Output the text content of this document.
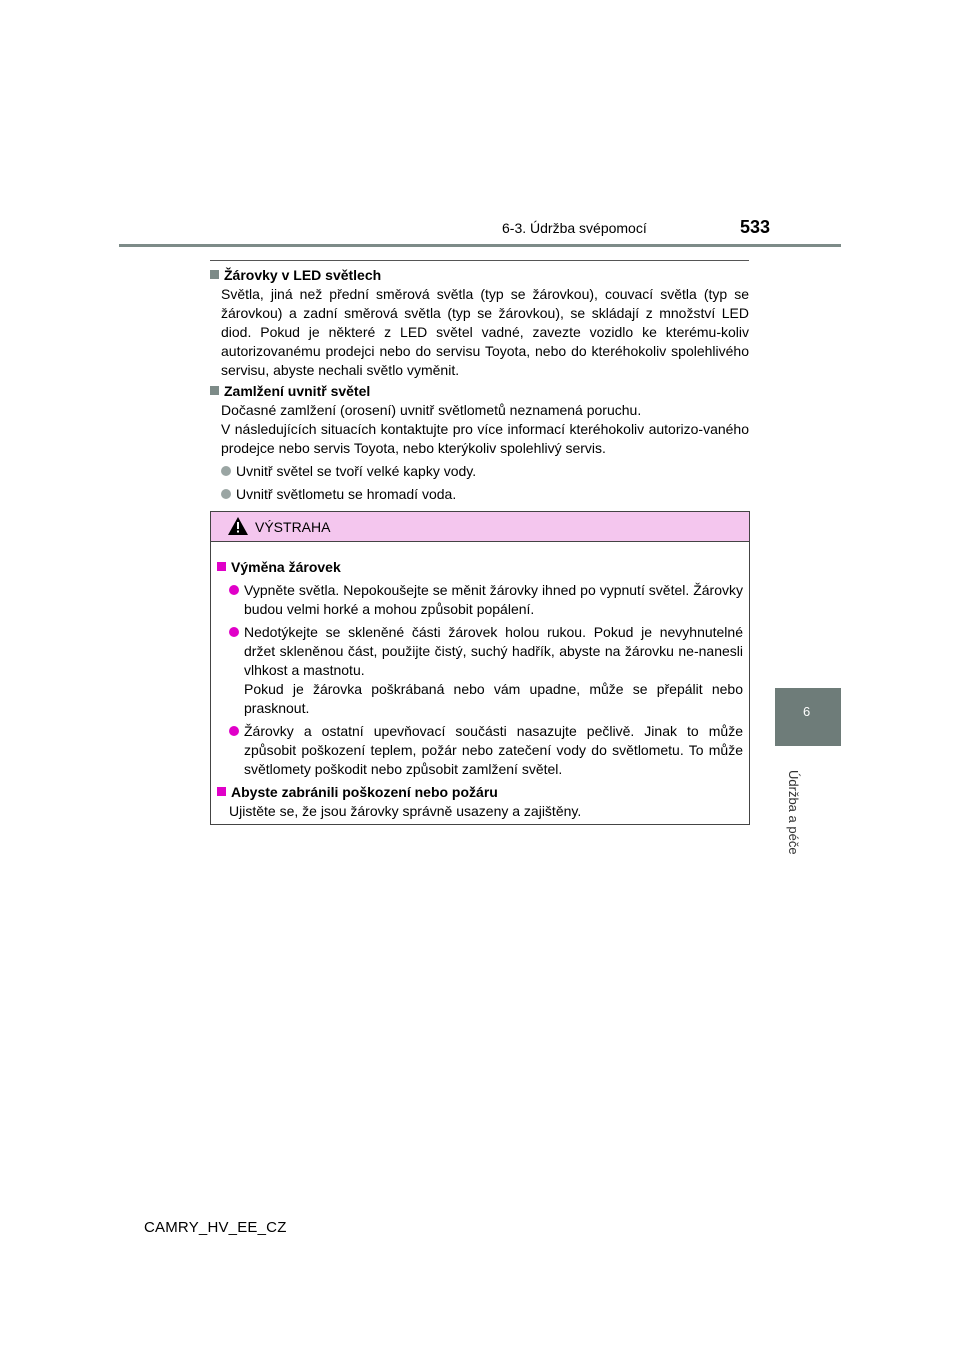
6-3. Údržba svépomocí	533
6
Údržba a péče
Žárovky v LED světlech
Světla, jiná než přední směrová světla (typ se žárovkou), couvací světla (typ se žárovkou) a zadní směrová světla (typ se žárovkou), se skládají z množství LED diod. Pokud je některé z LED světel vadné, zavezte vozidlo ke kterému-koliv autorizovanému prodejci nebo do servisu Toyota, nebo do kteréhokoliv spolehlivého servisu, abyste nechali světlo vyměnit.
Zamlžení uvnitř světel
Dočasné zamlžení (orosení) uvnitř světlometů neznamená poruchu.
V následujících situacích kontaktujte pro více informací kteréhokoliv autorizo-vaného prodejce nebo servis Toyota, nebo kterýkoliv spolehlivý servis.
Uvnitř světel se tvoří velké kapky vody.
Uvnitř světlometu se hromadí voda.
VÝSTRAHA
Výměna žárovek
Vypněte světla. Nepokoušejte se měnit žárovky ihned po vypnutí světel. Žárovky budou velmi horké a mohou způsobit popálení.
Nedotýkejte se skleněné části žárovek holou rukou. Pokud je nevyhnutelné držet skleněnou část, použijte čistý, suchý hadřík, abyste na žárovku ne-nanesli vlhkost a mastnotu.
Pokud je žárovka poškrábaná nebo vám upadne, může se přepálit nebo prasknout.
Žárovky a ostatní upevňovací součásti nasazujte pečlivě. Jinak to může způsobit poškození teplem, požár nebo zatečení vody do světlometu. To může světlomety poškodit nebo způsobit zamlžení světel.
Abyste zabránili poškození nebo požáru
Ujistěte se, že jsou žárovky správně usazeny a zajištěny.
CAMRY_HV_EE_CZ
